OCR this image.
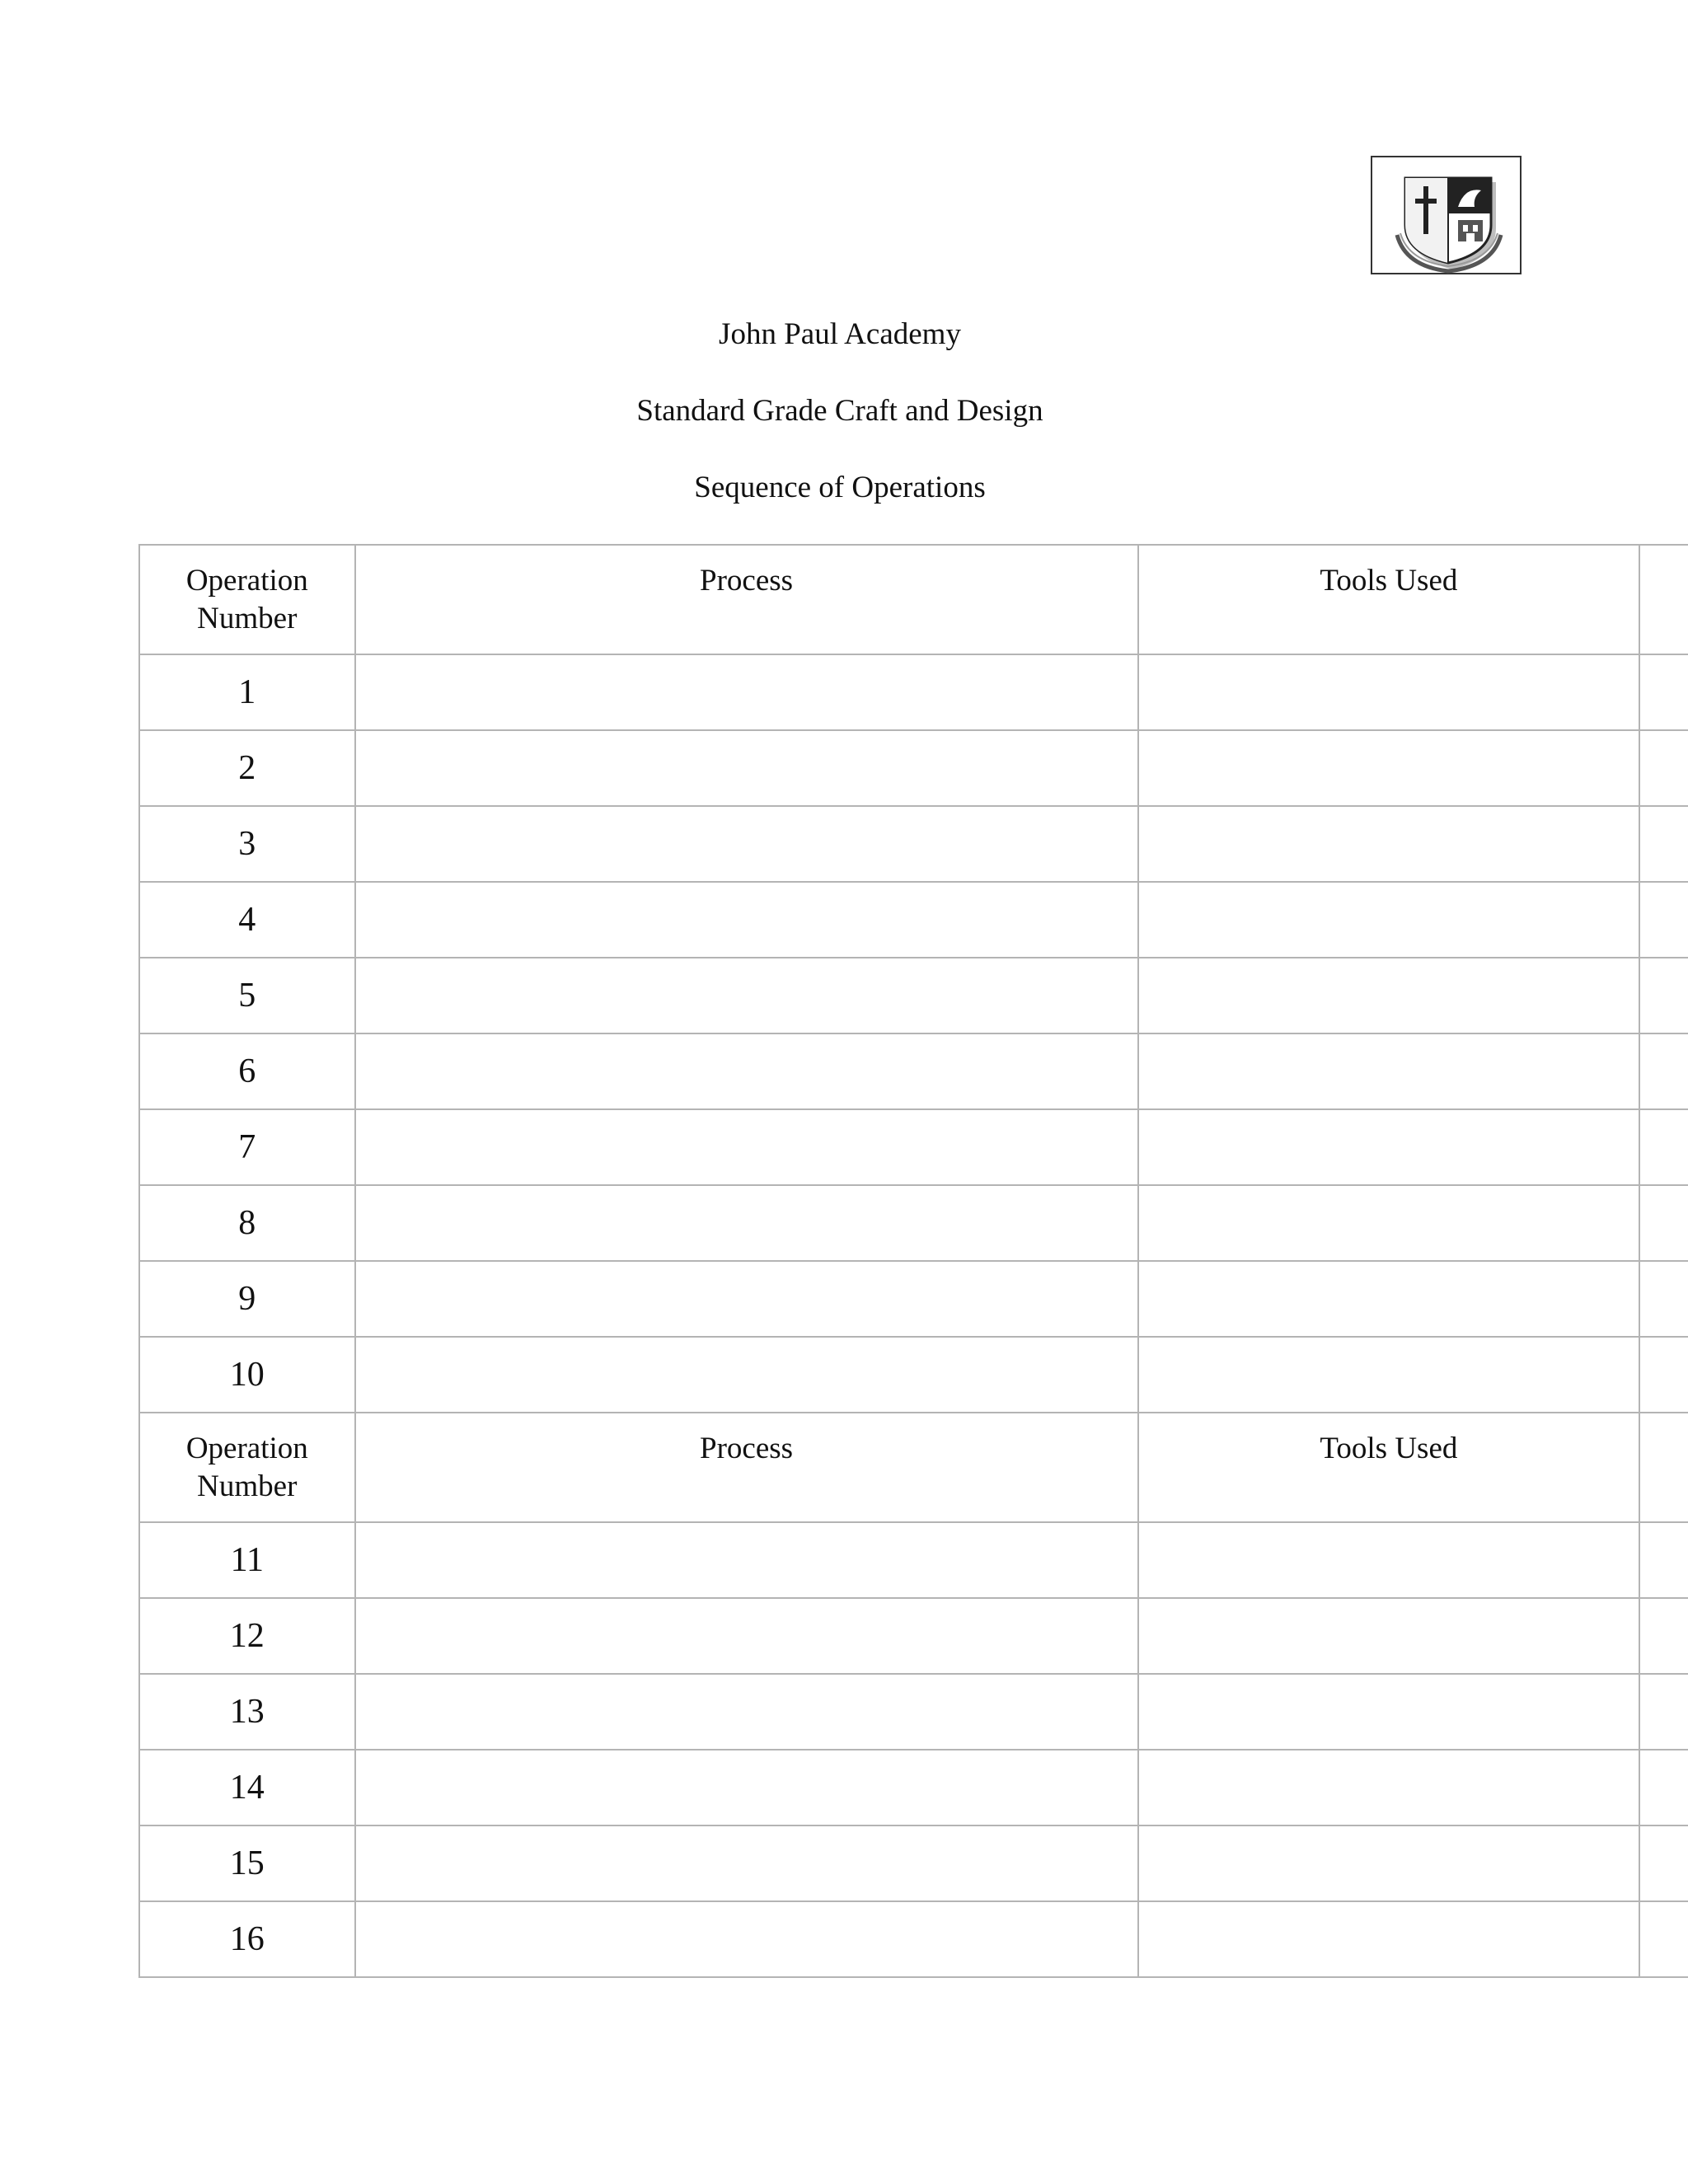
John Paul Academy
Standard Grade Craft and Design
Sequence of Operations
Operation
Number	Process	Tools Used	
1			
2			
3			
4			
5			
6			
7			
8			
9			
10			

Operation
Number	Process	Tools Used	
11			
12			
13			
14			
15			
16			
